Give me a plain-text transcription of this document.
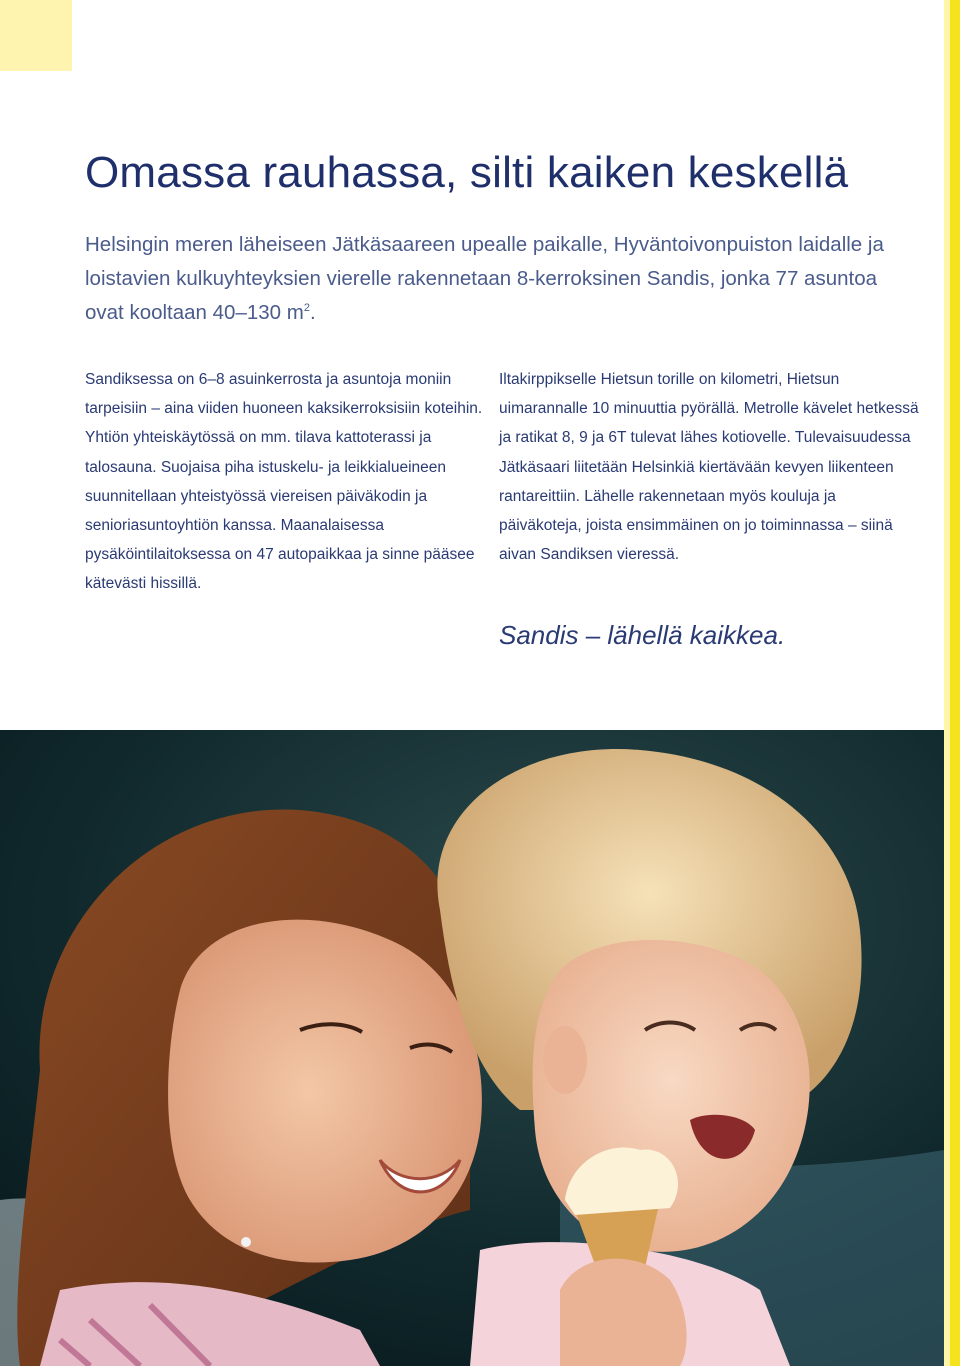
Omassa rauhassa, silti kaiken keskellä

Helsingin meren läheiseen Jätkäsaareen upealle paikalle, Hyväntoivonpuiston laidalle ja loistavien kulkuyhteyksien vierelle rakennetaan 8-kerroksinen Sandis, jonka 77 asuntoa ovat kooltaan 40–130 $m^2$.

Sandiksessa on 6–8 asuinkerrosta ja asuntoja moniin tarpeisiin – aina viiden huoneen kaksikerroksisiin koteihin. Yhtiön yhteiskäytössä on mm. tilava kattoterassi ja talosauna. Suojaisa piha istuskelu- ja leikkialueineen suunnitellaan yhteistyössä viereisen päiväkodin ja senioriasuntoyhtiön kanssa. Maanalaisessa pysäköintilaitoksessa on 47 autopaikkaa ja sinne pääsee kätevästi hissillä.

Iltakirppikselle Hietsun torille on kilometri, Hietsun uimarannalle 10 minuuttia pyörällä. Metrolle kävelet hetkessä ja ratikat 8, 9 ja 6T tulevat lähes kotiovelle. Tulevaisuudessa Jätkäsaari liitetään Helsinkiä kiertävään kevyen liikenteen rantareittiin. Lähelle rakennetaan myös kouluja ja päiväkoteja, joista ensimmäinen on jo toiminnassa – siinä aivan Sandiksen vieressä.

Sandis – lähellä kaikkea.
